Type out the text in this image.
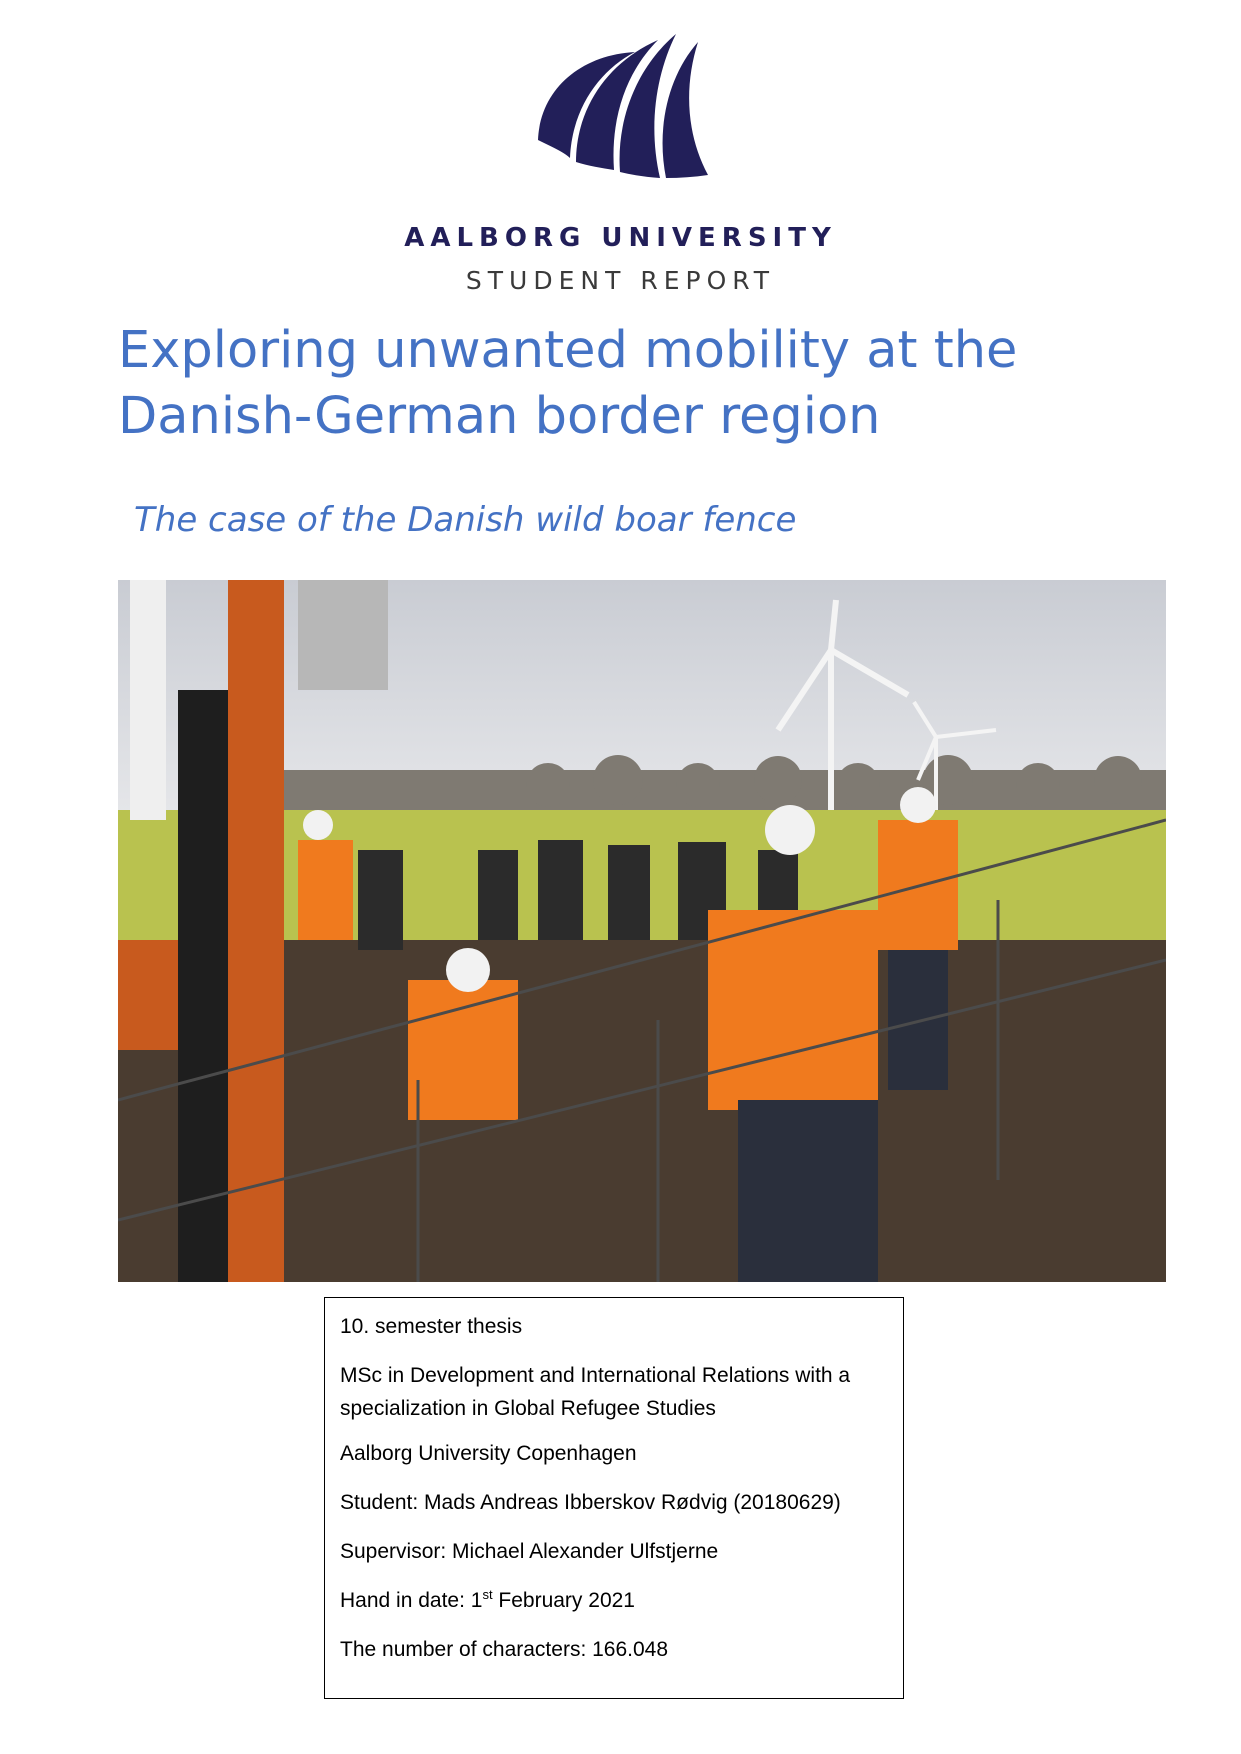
AALBORG UNIVERSITY
STUDENT REPORT
Exploring unwanted mobility at the Danish-German border region
The case of the Danish wild boar fence

10. semester thesis

MSc in Development and International Relations with a specialization in Global Refugee Studies

Aalborg University Copenhagen

Student: Mads Andreas Ibberskov Rødvig (20180629)

Supervisor: Michael Alexander Ulfstjerne

Hand in date: 1st February 2021

The number of characters: 166.048
